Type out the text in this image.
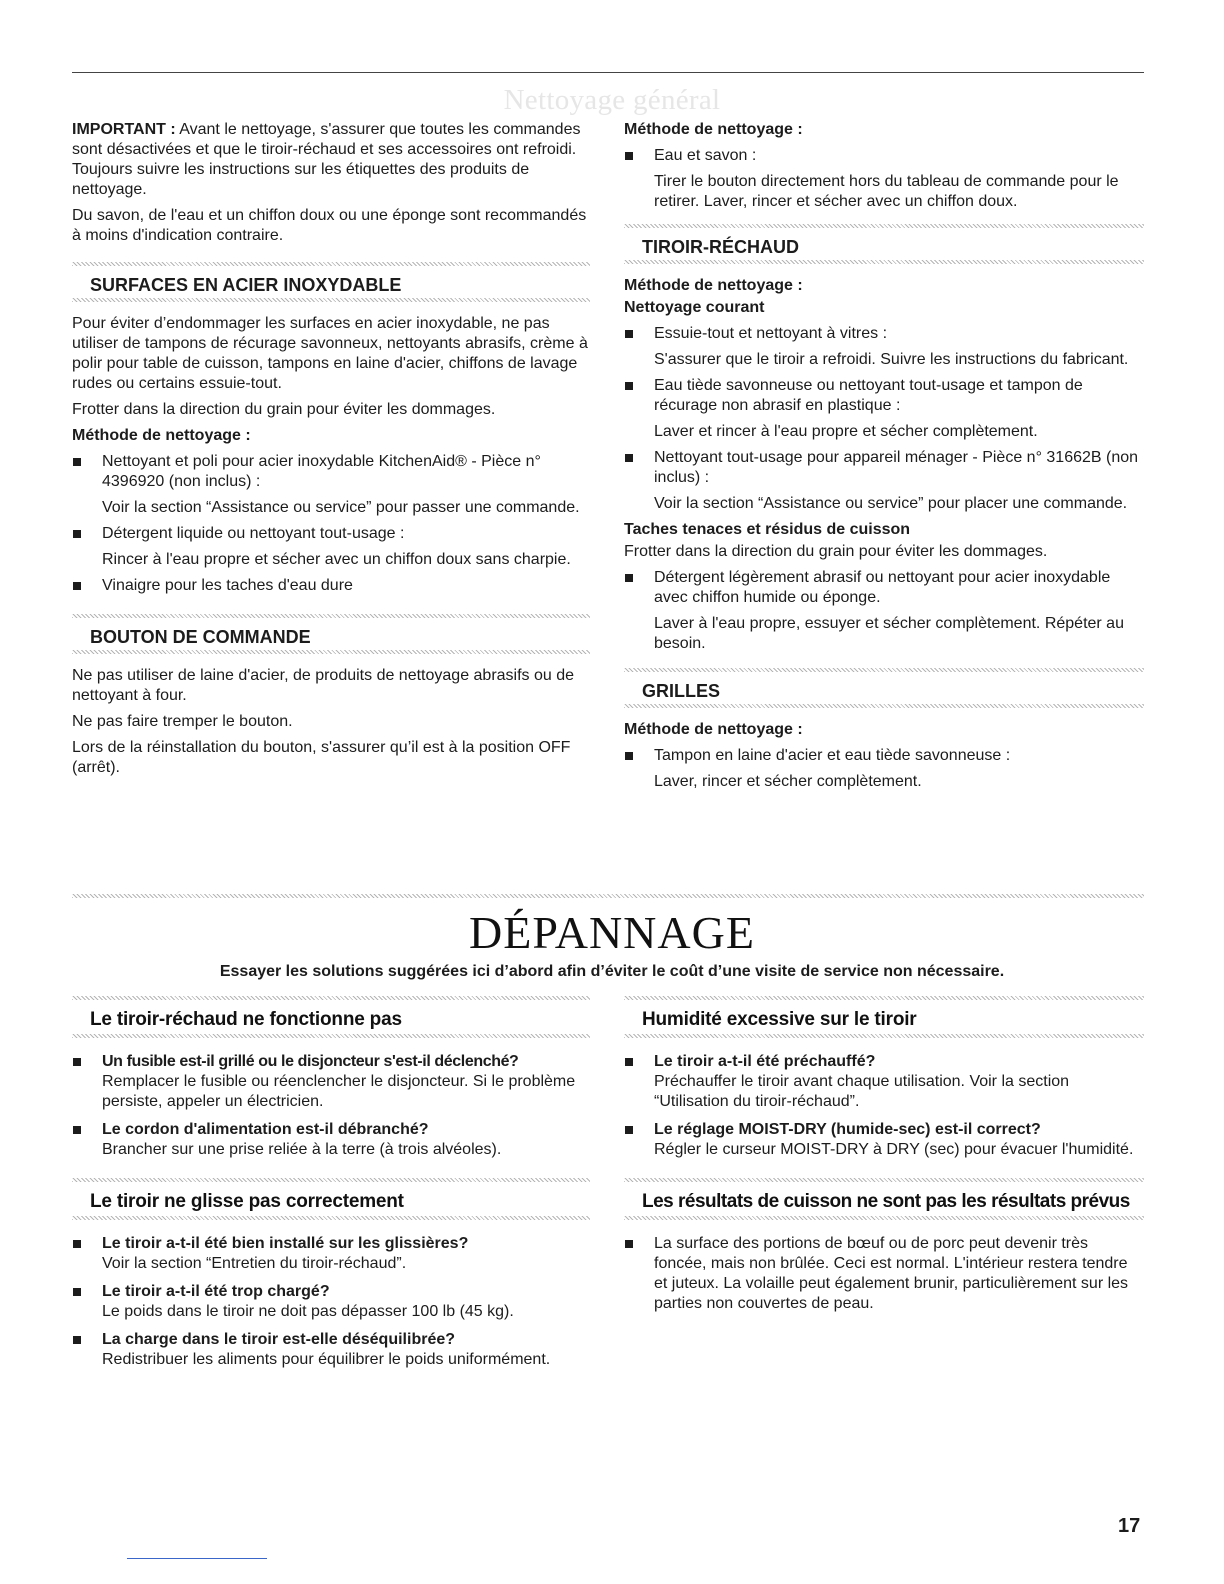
Nettoyage général

IMPORTANT : Avant le nettoyage, s'assurer que toutes les commandes sont désactivées et que le tiroir-réchaud et ses accessoires ont refroidi. Toujours suivre les instructions sur les étiquettes des produits de nettoyage.

Du savon, de l'eau et un chiffon doux ou une éponge sont recommandés à moins d'indication contraire.

SURFACES EN ACIER INOXYDABLE

Pour éviter d’endommager les surfaces en acier inoxydable, ne pas utiliser de tampons de récurage savonneux, nettoyants abrasifs, crème à polir pour table de cuisson, tampons en laine d'acier, chiffons de lavage rudes ou certains essuie-tout.

Frotter dans la direction du grain pour éviter les dommages.

Méthode de nettoyage :

Nettoyant et poli pour acier inoxydable KitchenAid® - Pièce n° 4396920 (non inclus) :
Voir la section “Assistance ou service” pour passer une commande.
Détergent liquide ou nettoyant tout-usage :
Rincer à l'eau propre et sécher avec un chiffon doux sans charpie.
Vinaigre pour les taches d'eau dure
BOUTON DE COMMANDE

Ne pas utiliser de laine d'acier, de produits de nettoyage abrasifs ou de nettoyant à four.

Ne pas faire tremper le bouton.

Lors de la réinstallation du bouton, s'assurer qu’il est à la position OFF (arrêt).

Méthode de nettoyage :

Eau et savon :
Tirer le bouton directement hors du tableau de commande pour le retirer. Laver, rincer et sécher avec un chiffon doux.
TIROIR-RÉCHAUD

Méthode de nettoyage :

Nettoyage courant

Essuie-tout et nettoyant à vitres :
S'assurer que le tiroir a refroidi. Suivre les instructions du fabricant.
Eau tiède savonneuse ou nettoyant tout-usage et tampon de récurage non abrasif en plastique :
Laver et rincer à l'eau propre et sécher complètement.
Nettoyant tout-usage pour appareil ménager - Pièce n° 31662B (non inclus) :
Voir la section “Assistance ou service” pour placer une commande.

Taches tenaces et résidus de cuisson

Frotter dans la direction du grain pour éviter les dommages.

Détergent légèrement abrasif ou nettoyant pour acier inoxydable avec chiffon humide ou éponge.
Laver à l'eau propre, essuyer et sécher complètement. Répéter au besoin.
GRILLES

Méthode de nettoyage :

Tampon en laine d'acier et eau tiède savonneuse :
Laver, rincer et sécher complètement.
DÉPANNAGE
Essayer les solutions suggérées ici d’abord afin d’éviter le coût d’une visite de service non nécessaire.
Le tiroir-réchaud ne fonctionne pas
Un fusible est-il grillé ou le disjoncteur s'est-il déclenché?
Remplacer le fusible ou réenclencher le disjoncteur. Si le problème persiste, appeler un électricien.
Le cordon d'alimentation est-il débranché?
Brancher sur une prise reliée à la terre (à trois alvéoles).
Le tiroir ne glisse pas correctement
Le tiroir a-t-il été bien installé sur les glissières?
Voir la section “Entretien du tiroir-réchaud”.
Le tiroir a-t-il été trop chargé?
Le poids dans le tiroir ne doit pas dépasser 100 lb (45 kg).
La charge dans le tiroir est-elle déséquilibrée?
Redistribuer les aliments pour équilibrer le poids uniformément.
Humidité excessive sur le tiroir
Le tiroir a-t-il été préchauffé?
Préchauffer le tiroir avant chaque utilisation. Voir la section “Utilisation du tiroir-réchaud”.
Le réglage MOIST-DRY (humide-sec) est-il correct?
Régler le curseur MOIST-DRY à DRY (sec) pour évacuer l'humidité.
Les résultats de cuisson ne sont pas les résultats prévus
La surface des portions de bœuf ou de porc peut devenir très foncée, mais non brûlée. Ceci est normal. L'intérieur restera tendre et juteux. La volaille peut également brunir, particulièrement sur les parties non couvertes de peau.
17
